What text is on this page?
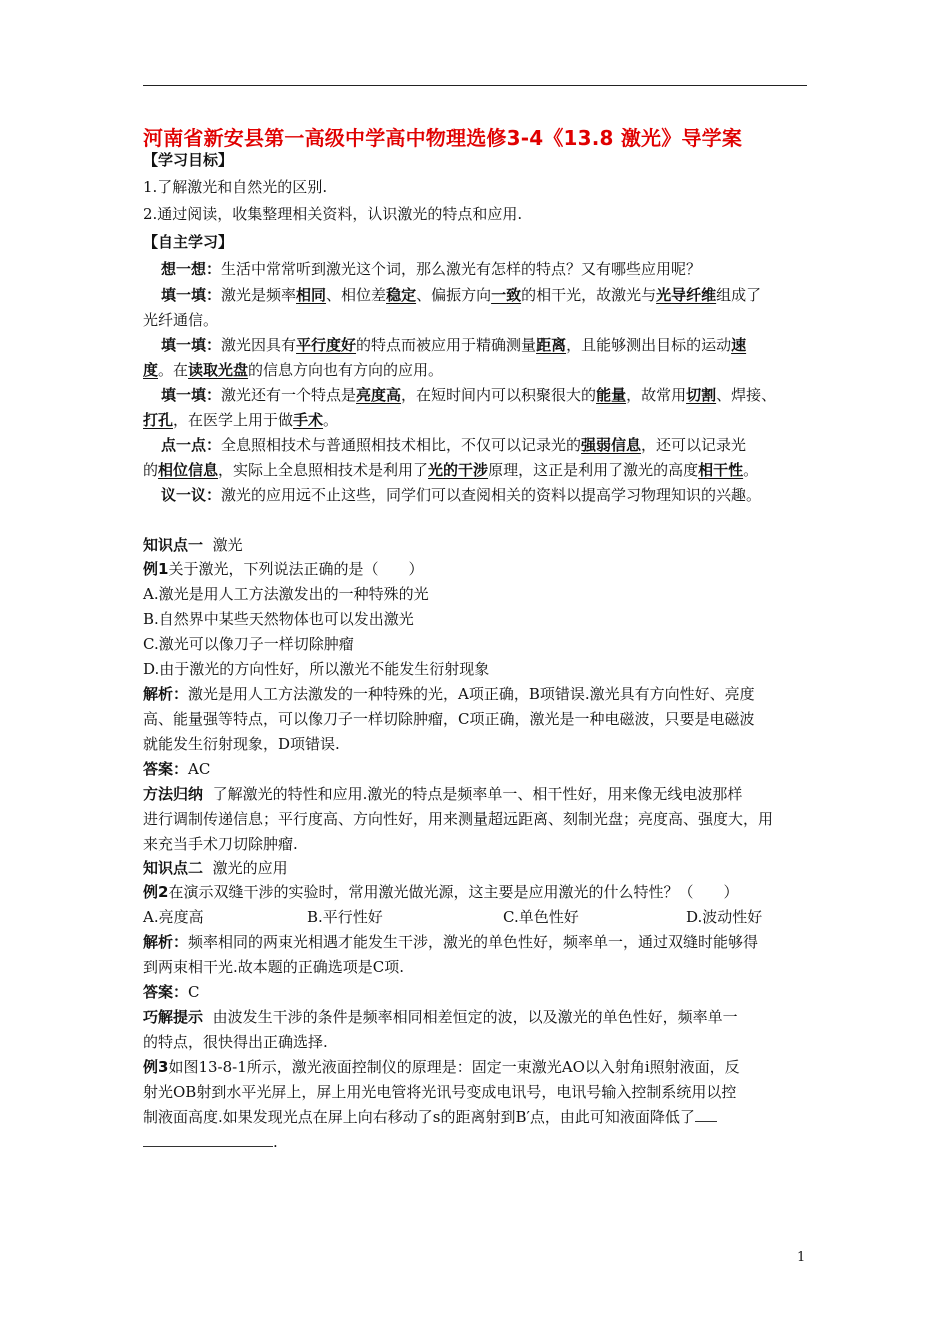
河南省新安县第一高级中学高中物理选修3-4《13.8 激光》导学案
【学习目标】
1.了解激光和自然光的区别.
2.通过阅读，收集整理相关资料，认识激光的特点和应用.
【自主学习】
想一想：生活中常常听到激光这个词，那么激光有怎样的特点？又有哪些应用呢？
填一填：激光是频率相同、相位差稳定、偏振方向一致的相干光，故激光与光导纤维组成了
光纤通信。
填一填：激光因具有平行度好的特点而被应用于精确测量距离，且能够测出目标的运动速
度。在读取光盘的信息方向也有方向的应用。
填一填：激光还有一个特点是亮度高，在短时间内可以积聚很大的能量，故常用切割、焊接、
打孔，在医学上用于做手术。
点一点：全息照相技术与普通照相技术相比，不仅可以记录光的强弱信息，还可以记录光
的相位信息，实际上全息照相技术是利用了光的干涉原理，这正是利用了激光的高度相干性。
议一议：激光的应用远不止这些，同学们可以查阅相关的资料以提高学习物理知识的兴趣。
知识点一 激光
例1关于激光，下列说法正确的是（　　）
A.激光是用人工方法激发出的一种特殊的光
B.自然界中某些天然物体也可以发出激光
C.激光可以像刀子一样切除肿瘤
D.由于激光的方向性好，所以激光不能发生衍射现象
解析：激光是用人工方法激发的一种特殊的光，A项正确，B项错误.激光具有方向性好、亮度
高、能量强等特点，可以像刀子一样切除肿瘤，C项正确，激光是一种电磁波，只要是电磁波
就能发生衍射现象，D项错误.
答案：AC
方法归纳 了解激光的特性和应用.激光的特点是频率单一、相干性好，用来像无线电波那样
进行调制传递信息；平行度高、方向性好，用来测量超远距离、刻制光盘；亮度高、强度大，用
来充当手术刀切除肿瘤.
知识点二 激光的应用
例2在演示双缝干涉的实验时，常用激光做光源，这主要是应用激光的什么特性？（　　）
A.亮度高	B.平行性好	C.单色性好	D.波动性好
解析：频率相同的两束光相遇才能发生干涉，激光的单色性好，频率单一，通过双缝时能够得
到两束相干光.故本题的正确选项是C项.
答案：C
巧解提示 由波发生干涉的条件是频率相同相差恒定的波，以及激光的单色性好，频率单一
的特点，很快得出正确选择.
例3如图13-8-1所示，激光液面控制仪的原理是：固定一束激光AO以入射角i照射液面，反
射光OB射到水平光屏上，屏上用光电管将光讯号变成电讯号，电讯号输入控制系统用以控
制液面高度.如果发现光点在屏上向右移动了s的距离射到B′点，由此可知液面降低了
.
1
